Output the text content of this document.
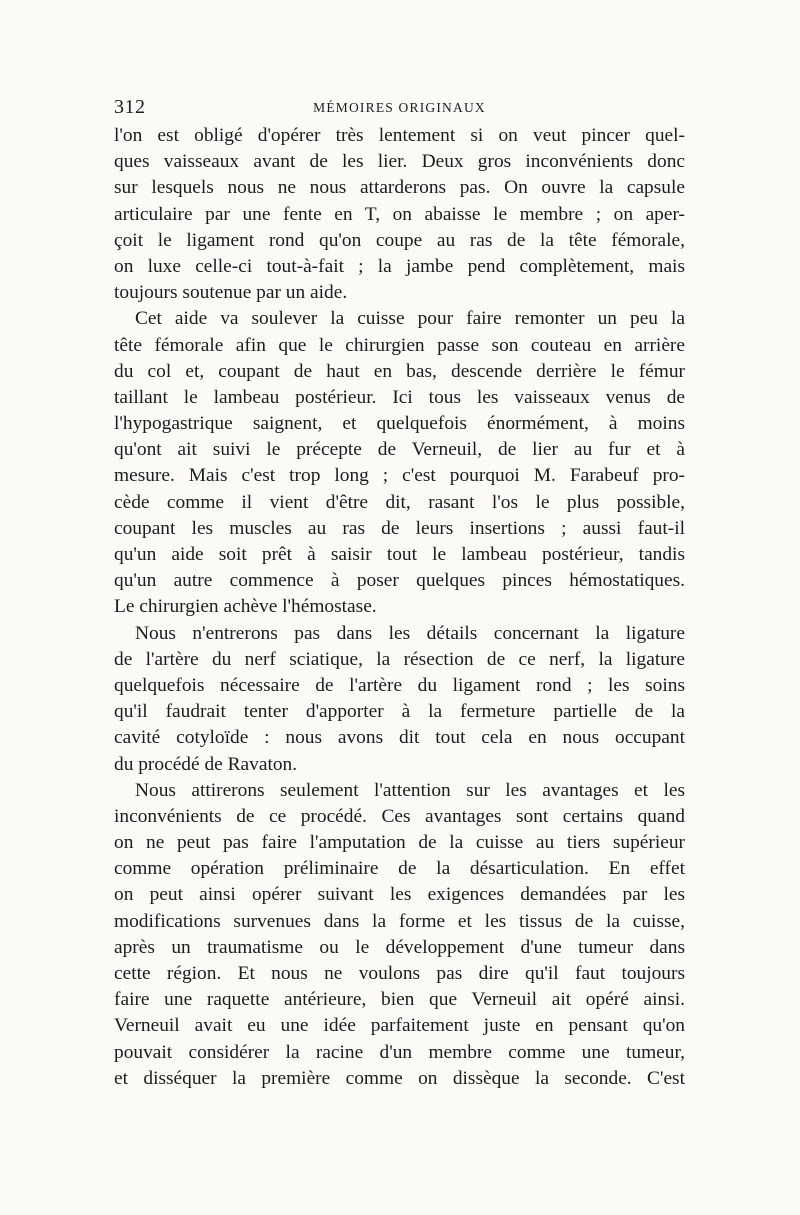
312	MÉMOIRES ORIGINAUX
l'on est obligé d'opérer très lentement si on veut pincer quel-
ques vaisseaux avant de les lier. Deux gros inconvénients donc
sur lesquels nous ne nous attarderons pas. On ouvre la capsule
articulaire par une fente en T, on abaisse le membre ; on aper-
çoit le ligament rond qu'on coupe au ras de la tête fémorale,
on luxe celle-ci tout-à-fait ; la jambe pend complètement, mais
toujours soutenue par un aide.
Cet aide va soulever la cuisse pour faire remonter un peu la
tête fémorale afin que le chirurgien passe son couteau en arrière
du col et, coupant de haut en bas, descende derrière le fémur
taillant le lambeau postérieur. Ici tous les vaisseaux venus de
l'hypogastrique saignent, et quelquefois énormément, à moins
qu'ont ait suivi le précepte de Verneuil, de lier au fur et à
mesure. Mais c'est trop long ; c'est pourquoi M. Farabeuf pro-
cède comme il vient d'être dit, rasant l'os le plus possible,
coupant les muscles au ras de leurs insertions ; aussi faut-il
qu'un aide soit prêt à saisir tout le lambeau postérieur, tandis
qu'un autre commence à poser quelques pinces hémostatiques.
Le chirurgien achève l'hémostase.
Nous n'entrerons pas dans les détails concernant la ligature
de l'artère du nerf sciatique, la résection de ce nerf, la ligature
quelquefois nécessaire de l'artère du ligament rond ; les soins
qu'il faudrait tenter d'apporter à la fermeture partielle de la
cavité cotyloïde : nous avons dit tout cela en nous occupant
du procédé de Ravaton.
Nous attirerons seulement l'attention sur les avantages et les
inconvénients de ce procédé. Ces avantages sont certains quand
on ne peut pas faire l'amputation de la cuisse au tiers supérieur
comme opération préliminaire de la désarticulation. En effet
on peut ainsi opérer suivant les exigences demandées par les
modifications survenues dans la forme et les tissus de la cuisse,
après un traumatisme ou le développement d'une tumeur dans
cette région. Et nous ne voulons pas dire qu'il faut toujours
faire une raquette antérieure, bien que Verneuil ait opéré ainsi.
Verneuil avait eu une idée parfaitement juste en pensant qu'on
pouvait considérer la racine d'un membre comme une tumeur,
et disséquer la première comme on dissèque la seconde. C'est
